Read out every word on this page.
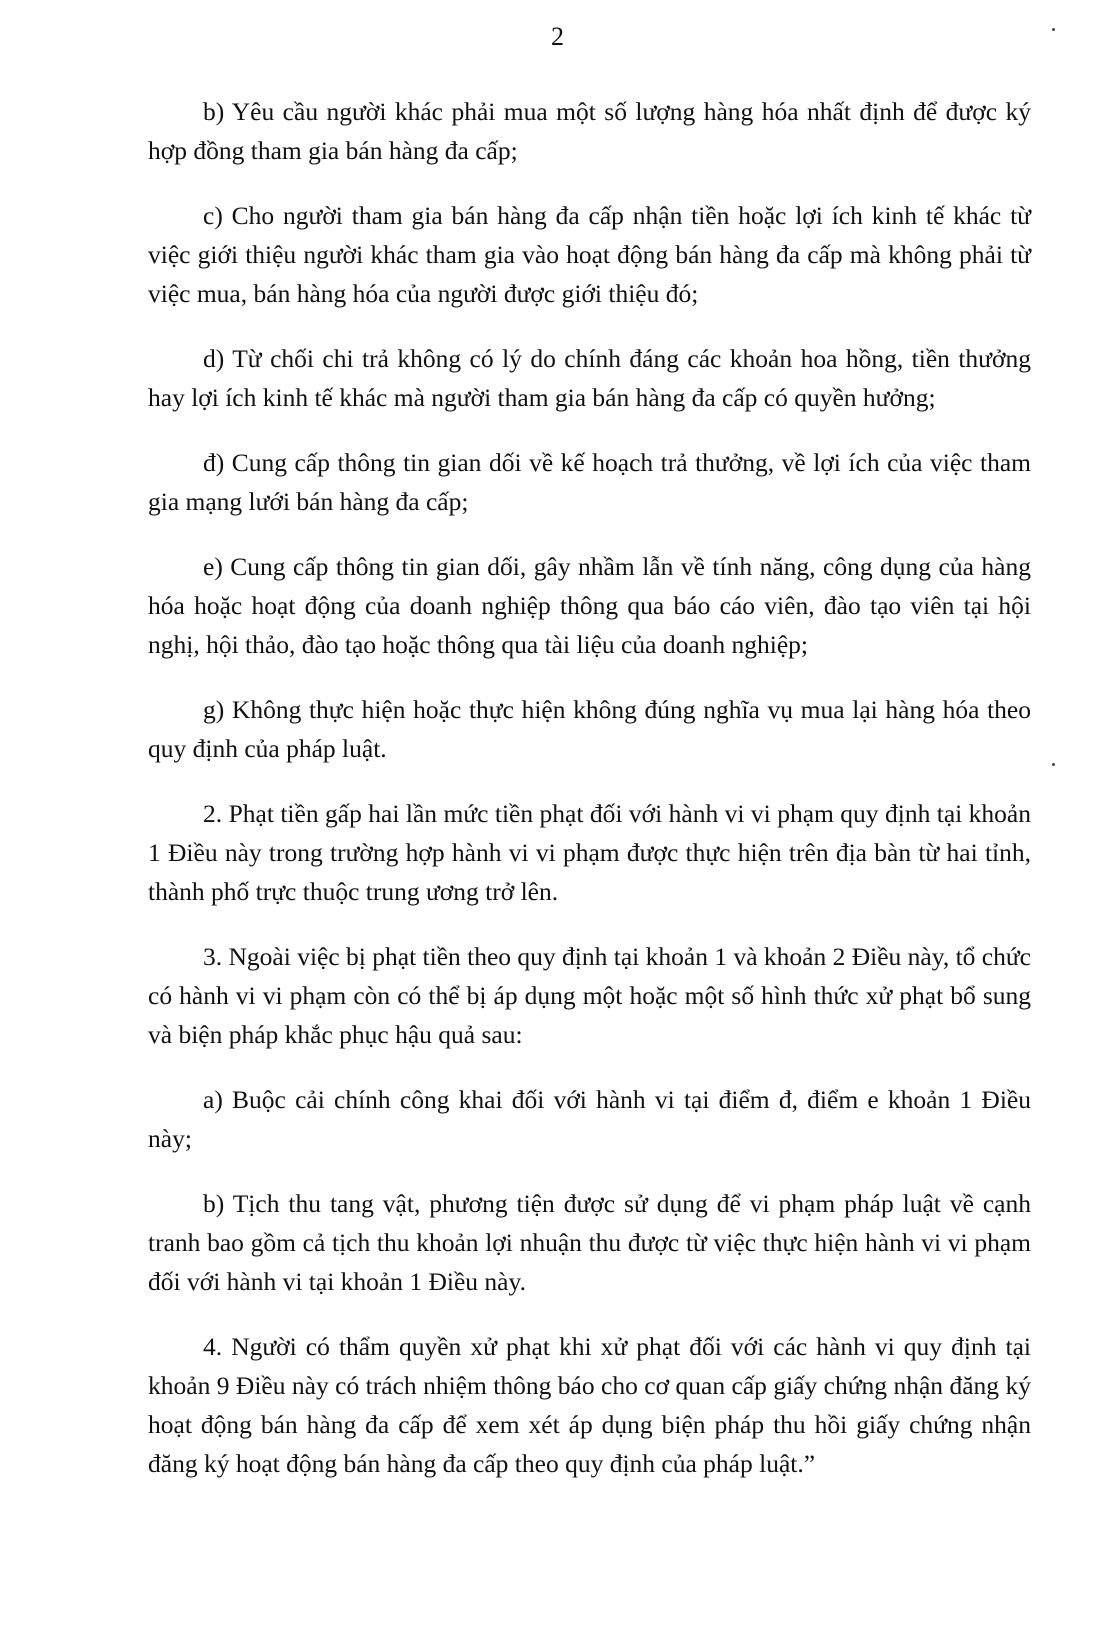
2

b) Yêu cầu người khác phải mua một số lượng hàng hóa nhất định để được ký hợp đồng tham gia bán hàng đa cấp;

c) Cho người tham gia bán hàng đa cấp nhận tiền hoặc lợi ích kinh tế khác từ việc giới thiệu người khác tham gia vào hoạt động bán hàng đa cấp mà không phải từ việc mua, bán hàng hóa của người được giới thiệu đó;

d) Từ chối chi trả không có lý do chính đáng các khoản hoa hồng, tiền thưởng hay lợi ích kinh tế khác mà người tham gia bán hàng đa cấp có quyền hưởng;

đ) Cung cấp thông tin gian dối về kế hoạch trả thưởng, về lợi ích của việc tham gia mạng lưới bán hàng đa cấp;

e) Cung cấp thông tin gian dối, gây nhầm lẫn về tính năng, công dụng của hàng hóa hoặc hoạt động của doanh nghiệp thông qua báo cáo viên, đào tạo viên tại hội nghị, hội thảo, đào tạo hoặc thông qua tài liệu của doanh nghiệp;

g) Không thực hiện hoặc thực hiện không đúng nghĩa vụ mua lại hàng hóa theo quy định của pháp luật.

2. Phạt tiền gấp hai lần mức tiền phạt đối với hành vi vi phạm quy định tại khoản 1 Điều này trong trường hợp hành vi vi phạm được thực hiện trên địa bàn từ hai tỉnh, thành phố trực thuộc trung ương trở lên.

3. Ngoài việc bị phạt tiền theo quy định tại khoản 1 và khoản 2 Điều này, tổ chức có hành vi vi phạm còn có thể bị áp dụng một hoặc một số hình thức xử phạt bổ sung và biện pháp khắc phục hậu quả sau:

a) Buộc cải chính công khai đối với hành vi tại điểm đ, điểm e khoản 1 Điều này;

b) Tịch thu tang vật, phương tiện được sử dụng để vi phạm pháp luật về cạnh tranh bao gồm cả tịch thu khoản lợi nhuận thu được từ việc thực hiện hành vi vi phạm đối với hành vi tại khoản 1 Điều này.

4. Người có thẩm quyền xử phạt khi xử phạt đối với các hành vi quy định tại khoản 9 Điều này có trách nhiệm thông báo cho cơ quan cấp giấy chứng nhận đăng ký hoạt động bán hàng đa cấp để xem xét áp dụng biện pháp thu hồi giấy chứng nhận đăng ký hoạt động bán hàng đa cấp theo quy định của pháp luật.”
